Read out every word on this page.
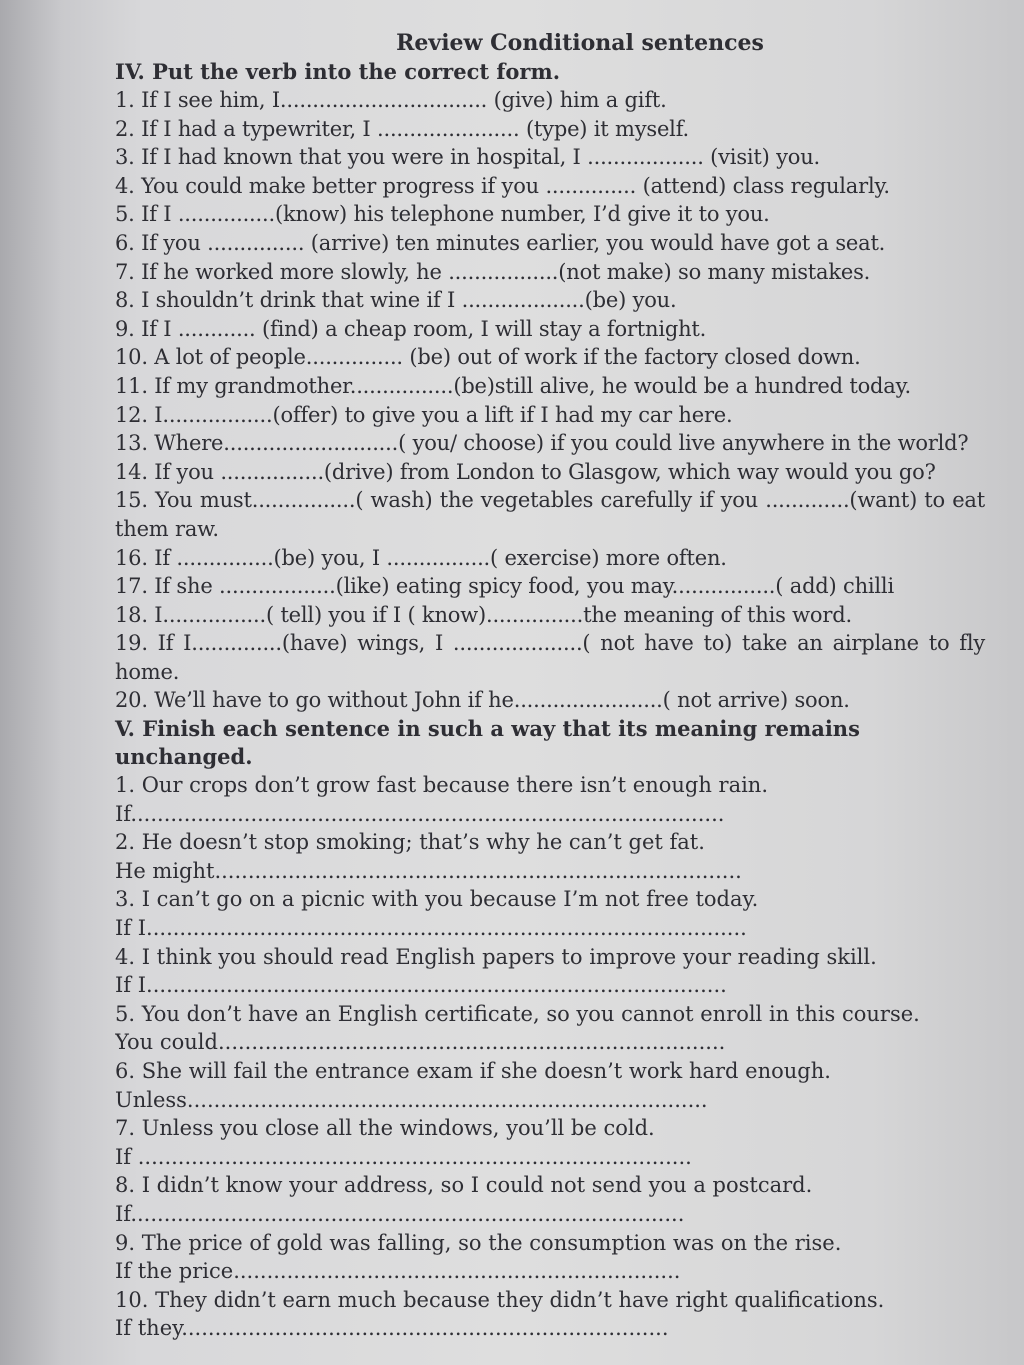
Review Conditional sentences
IV. Put the verb into the correct form.
1. If I see him, I................................ (give) him a gift.
2. If I had a typewriter, I ...................... (type) it myself.
3. If I had known that you were in hospital, I .................. (visit) you.
4. You could make better progress if you .............. (attend) class regularly.
5. If I ...............(know) his telephone number, I’d give it to you.
6. If you ............... (arrive) ten minutes earlier, you would have got a seat.
7. If he worked more slowly, he .................(not make) so many mistakes.
8. I shouldn’t drink that wine if I ...................(be) you.
9. If I ............ (find) a cheap room, I will stay a fortnight.
10. A lot of people............... (be) out of work if the factory closed down.
11. If my grandmother................(be)still alive, he would be a hundred today.
12. I.................(offer) to give you a lift if I had my car here.
13. Where...........................( you/ choose) if you could live anywhere in the world?
14. If you ................(drive) from London to Glasgow, which way would you go?
15. You must................( wash) the vegetables carefully if you .............(want) to eat them raw.
16. If ...............(be) you, I ................( exercise) more often.
17. If she ..................(like) eating spicy food, you may................( add) chilli
18. I................( tell) you if I ( know)...............the meaning of this word.
19. If I..............(have) wings, I ....................( not have to) take an airplane to fly home.
20. We’ll have to go without John if he.......................( not arrive) soon.
V. Finish each sentence in such a way that its meaning remains unchanged.
1. Our crops don’t grow fast because there isn’t enough rain.
If.........................................................................................
2. He doesn’t stop smoking; that’s why he can’t get fat.
He might...............................................................................
3. I can’t go on a picnic with you because I’m not free today.
If I..........................................................................................
4. I think you should read English papers to improve your reading skill.
If I.......................................................................................
5. You don’t have an English certificate, so you cannot enroll in this course.
You could............................................................................
6. She will fail the entrance exam if she doesn’t work hard enough.
Unless..............................................................................
7. Unless you close all the windows, you’ll be cold.
If ...................................................................................
8. I didn’t know your address, so I could not send you a postcard.
If...................................................................................
9. The price of gold was falling, so the consumption was on the rise.
If the price...................................................................
10. They didn’t earn much because they didn’t have right qualifications.
If they.........................................................................
